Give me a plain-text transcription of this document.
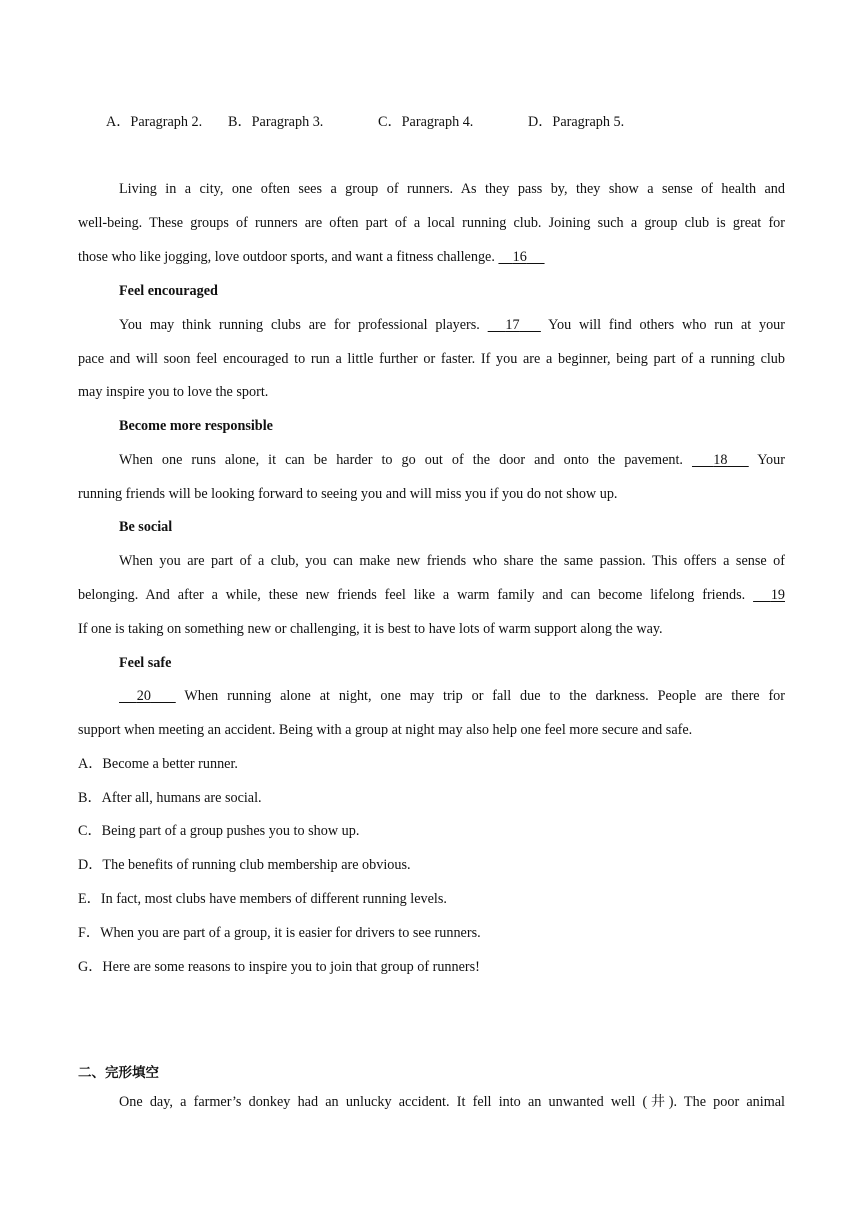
A．Paragraph 2. B．Paragraph 3.	C．Paragraph 4.	D．Paragraph 5.
Living in a city, one often sees a group of runners. As they pass by, they show a sense of health and
well-being. These groups of runners are often part of a local running club. Joining such a group club is great for
those who like jogging, love outdoor sports, and want a fitness challenge. 16
Feel encouraged
You may think running clubs are for professional players. 17 You will find others who run at your
pace and will soon feel encouraged to run a little further or faster. If you are a beginner, being part of a running club
may inspire you to love the sport.
Become more responsible
When one runs alone, it can be harder to go out of the door and onto the pavement. 18 Your
running friends will be looking forward to seeing you and will miss you if you do not show up.
Be social
When you are part of a club, you can make new friends who share the same passion. This offers a sense of
belonging. And after a while, these new friends feel like a warm family and can become lifelong friends. 19
If one is taking on something new or challenging, it is best to have lots of warm support along the way.
Feel safe
20 When running alone at night, one may trip or fall due to the darkness. People are there for
support when meeting an accident. Being with a group at night may also help one feel more secure and safe.
A．Become a better runner.
B．After all, humans are social.
C．Being part of a group pushes you to show up.
D．The benefits of running club membership are obvious.
E．In fact, most clubs have members of different running levels.
F．When you are part of a group, it is easier for drivers to see runners.
G．Here are some reasons to inspire you to join that group of runners!
二、完形填空
One day, a farmer’s donkey had an unlucky accident. It fell into an unwanted well (井). The poor animal
